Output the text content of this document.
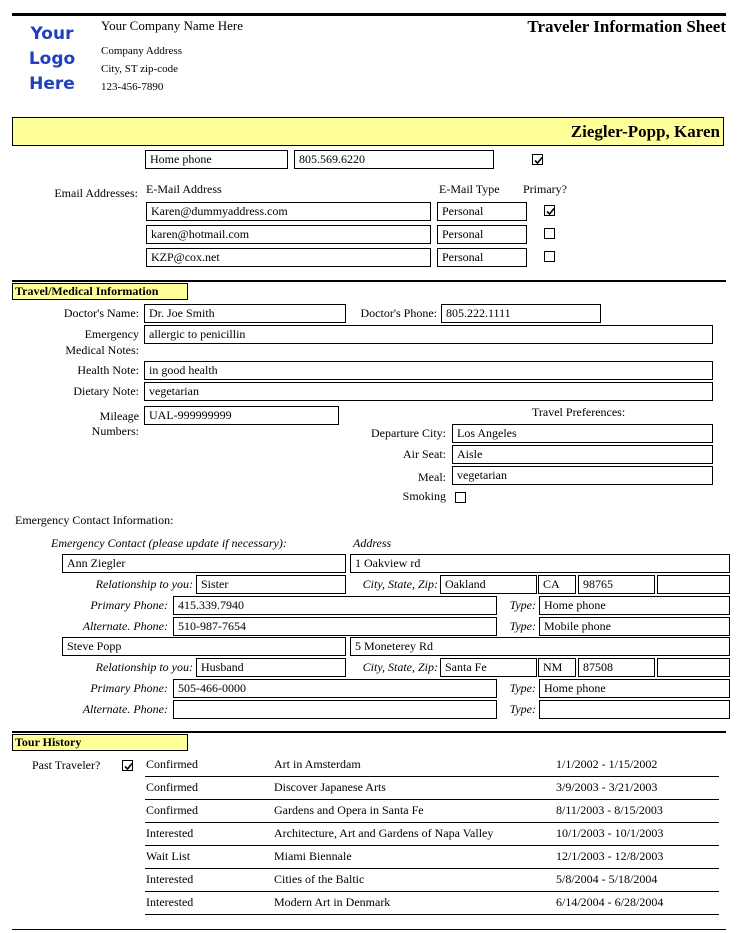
Your
Logo
Here
Your Company Name Here
Company Address
City, ST zip-code
123-456-7890
Traveler Information Sheet
Ziegler-Popp, Karen
Home phone	805.569.6220
Email Addresses: E-Mail Address	E-Mail Type Primary?
Karen@dummyaddress.com	Personal
karen@hotmail.com	Personal
KZP@cox.net	Personal
Travel/Medical Information
Doctor's Name: Dr. Joe Smith	Doctor's Phone: 805.222.1111
Emergency
Medical Notes:
allergic to penicillin
Health Note: in good health
Dietary Note: vegetarian
Mileage
Numbers:
UAL-999999999	Travel Preferences:
Departure City: Los Angeles
Air Seat: Aisle
Meal: vegetarian
Smoking
Emergency Contact Information:
Emergency Contact (please update if necessary):	Address
Ann Ziegler	1 Oakview rd
Relationship to you: Sister	City, State, Zip: Oakland	CA	98765
Primary Phone: 415.339.7940	Type: Home phone
Alternate. Phone: 510-987-7654	Type: Mobile phone
Steve Popp	5 Moneterey Rd
Relationship to you: Husband	City, State, Zip: Santa Fe	NM	87508
Primary Phone: 505-466-0000	Type: Home phone
Alternate. Phone:	Type:
Tour History
Past Traveler?	Confirmed	Art in Amsterdam	1/1/2002 - 1/15/2002
Confirmed	Discover Japanese Arts	3/9/2003 - 3/21/2003
Confirmed	Gardens and Opera in Santa Fe	8/11/2003 - 8/15/2003
Interested	Architecture, Art and Gardens of Napa Valley	10/1/2003 - 10/1/2003
Wait List	Miami Biennale	12/1/2003 - 12/8/2003
Interested	Cities of the Baltic	5/8/2004 - 5/18/2004
Interested	Modern Art in Denmark	6/14/2004 - 6/28/2004
